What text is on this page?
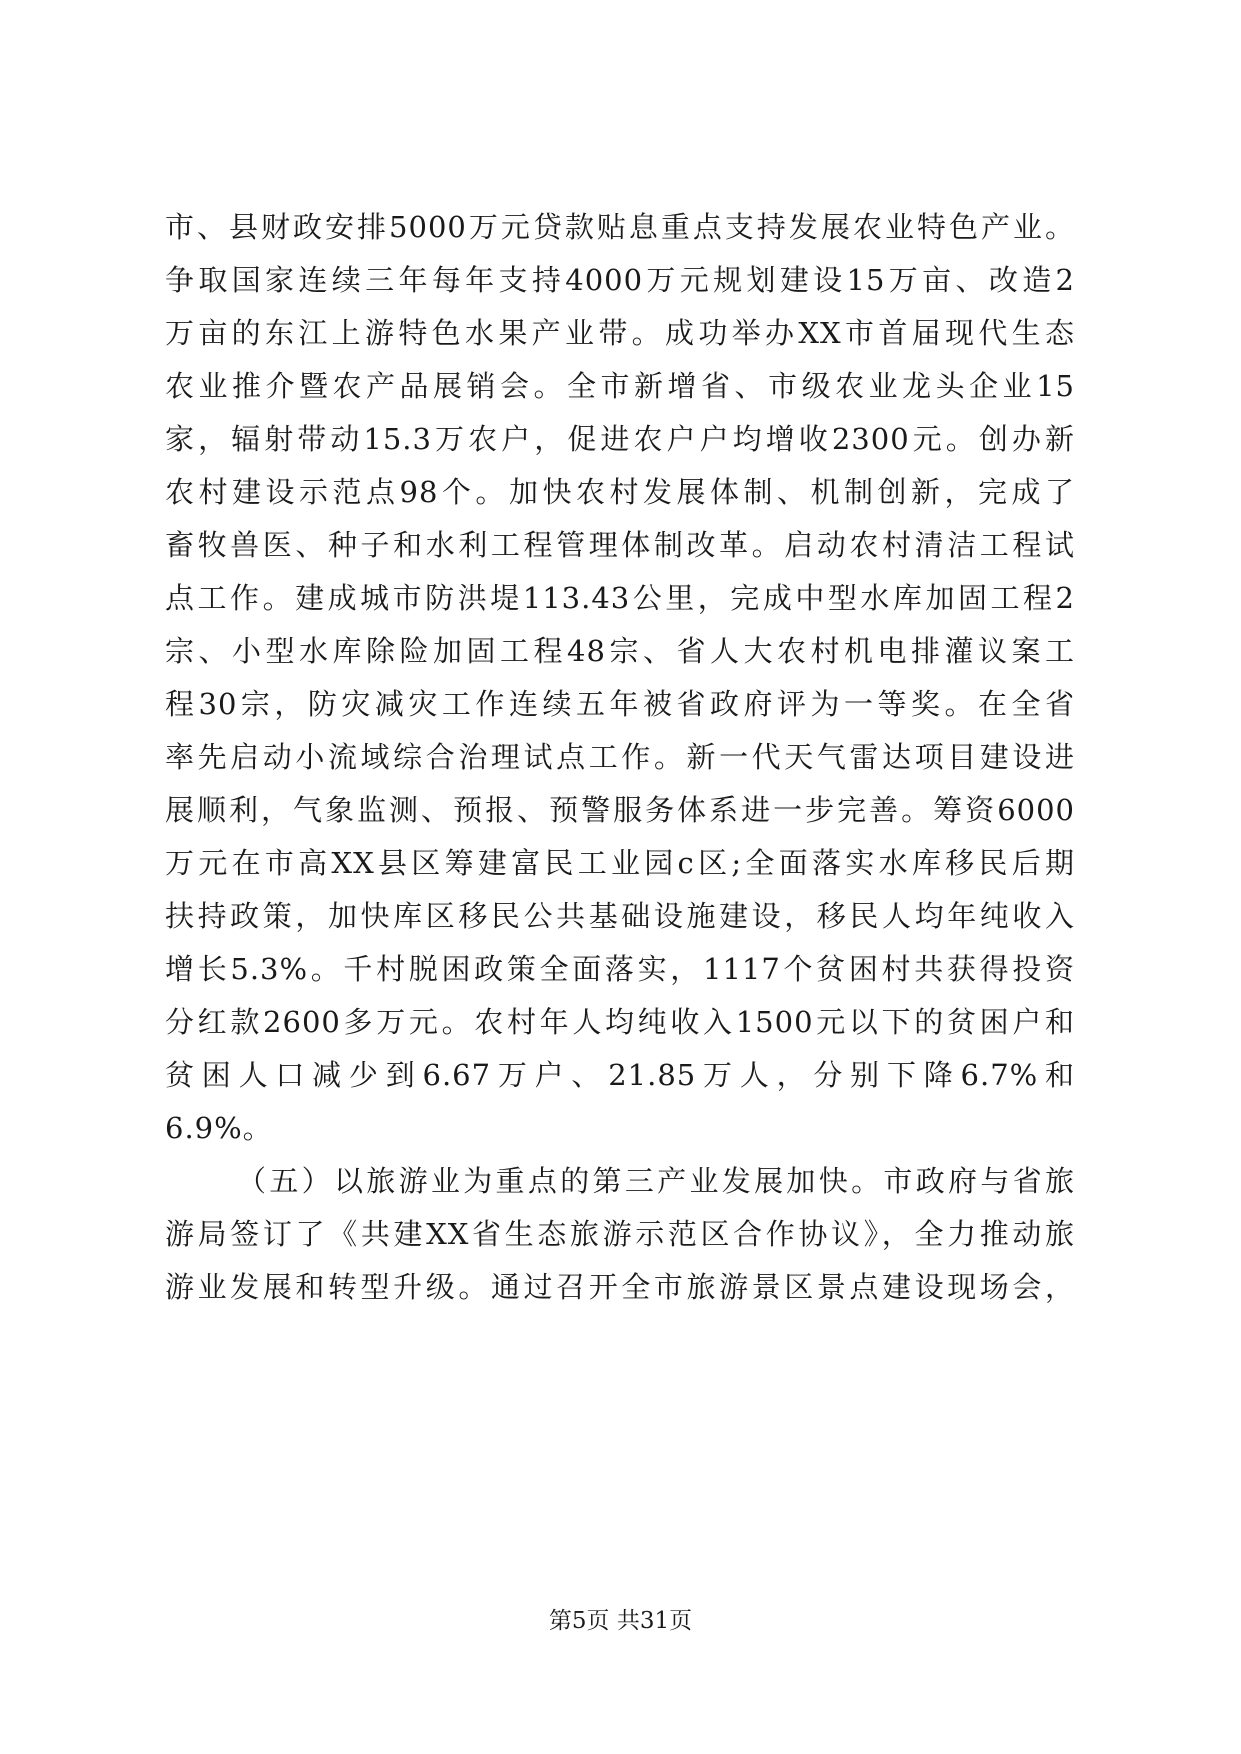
市、县财政安排5000万元贷款贴息重点支持发展农业特色产业。
争取国家连续三年每年支持4000万元规划建设15万亩、改造2
万亩的东江上游特色水果产业带。成功举办XX市首届现代生态
农业推介暨农产品展销会。全市新增省、市级农业龙头企业15
家，辐射带动15.3万农户，促进农户户均增收2300元。创办新
农村建设示范点98个。加快农村发展体制、机制创新，完成了
畜牧兽医、种子和水利工程管理体制改革。启动农村清洁工程试
点工作。建成城市防洪堤113.43公里，完成中型水库加固工程2
宗、小型水库除险加固工程48宗、省人大农村机电排灌议案工
程30宗，防灾减灾工作连续五年被省政府评为一等奖。在全省
率先启动小流域综合治理试点工作。新一代天气雷达项目建设进
展顺利，气象监测、预报、预警服务体系进一步完善。筹资6000
万元在市高XX县区筹建富民工业园c区;全面落实水库移民后期
扶持政策，加快库区移民公共基础设施建设，移民人均年纯收入
增长5.3%。千村脱困政策全面落实，1117个贫困村共获得投资
分红款2600多万元。农村年人均纯收入1500元以下的贫困户和
贫困人口减少到6.67万户、21.85万人，分别下降6.7%和
6.9%。
（五）以旅游业为重点的第三产业发展加快。市政府与省旅
游局签订了《共建XX省生态旅游示范区合作协议》，全力推动旅
游业发展和转型升级。通过召开全市旅游景区景点建设现场会，
第5页 共31页
